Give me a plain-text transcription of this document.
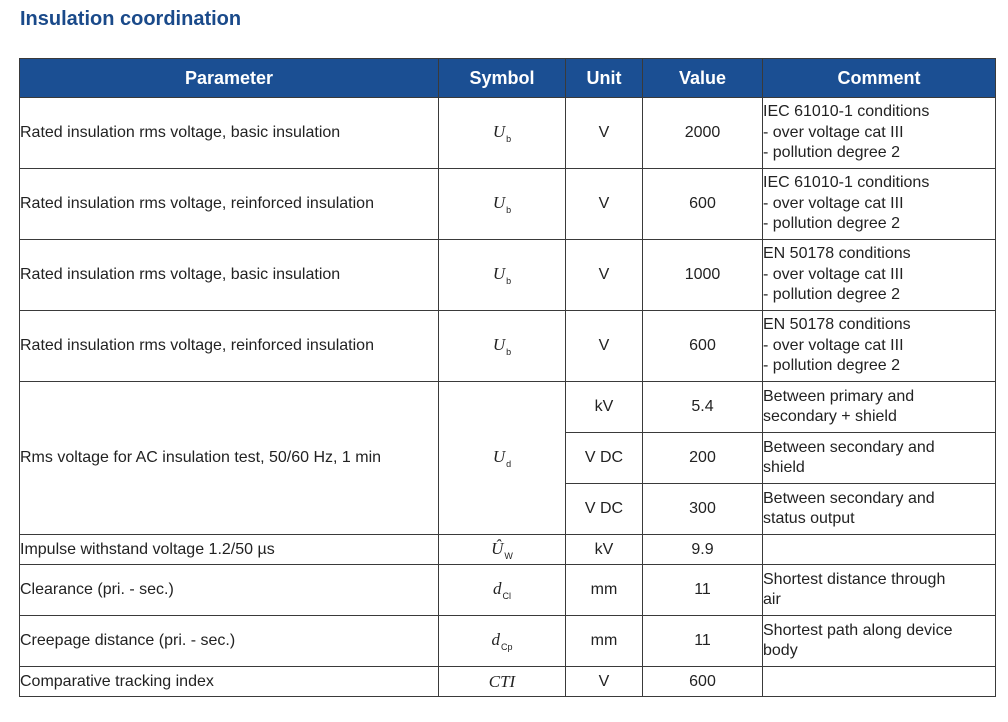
Insulation coordination
Parameter	Symbol	Unit	Value	Comment
Rated insulation rms voltage, basic insulation	$U_b$	V	2000	IEC 61010-1 conditions
- over voltage cat III
- pollution degree 2

Rated insulation rms voltage, reinforced insulation	$U_b$	V	600	IEC 61010-1 conditions
- over voltage cat III
- pollution degree 2

Rated insulation rms voltage, basic insulation	$U_b$	V	1000	EN 50178 conditions
- over voltage cat III
- pollution degree 2

Rated insulation rms voltage, reinforced insulation	$U_b$	V	600	EN 50178 conditions
- over voltage cat III
- pollution degree 2

Rms voltage for AC insulation test, 50/60 Hz, 1 min	$U_d$	kV	5.4	Between primary and
secondary + shield

		V DC	200	Between secondary and
shield

		V DC	300	Between secondary and
status output

Impulse withstand voltage 1.2/50 µs	$Û_W$	kV	9.9	
Clearance (pri. - sec.)	$d_{Cl}$	mm	11	Shortest distance through
air

Creepage distance (pri. - sec.)	$d_{Cp}$	mm	11	Shortest path along device
body

Comparative tracking index	CTI	V	600	
